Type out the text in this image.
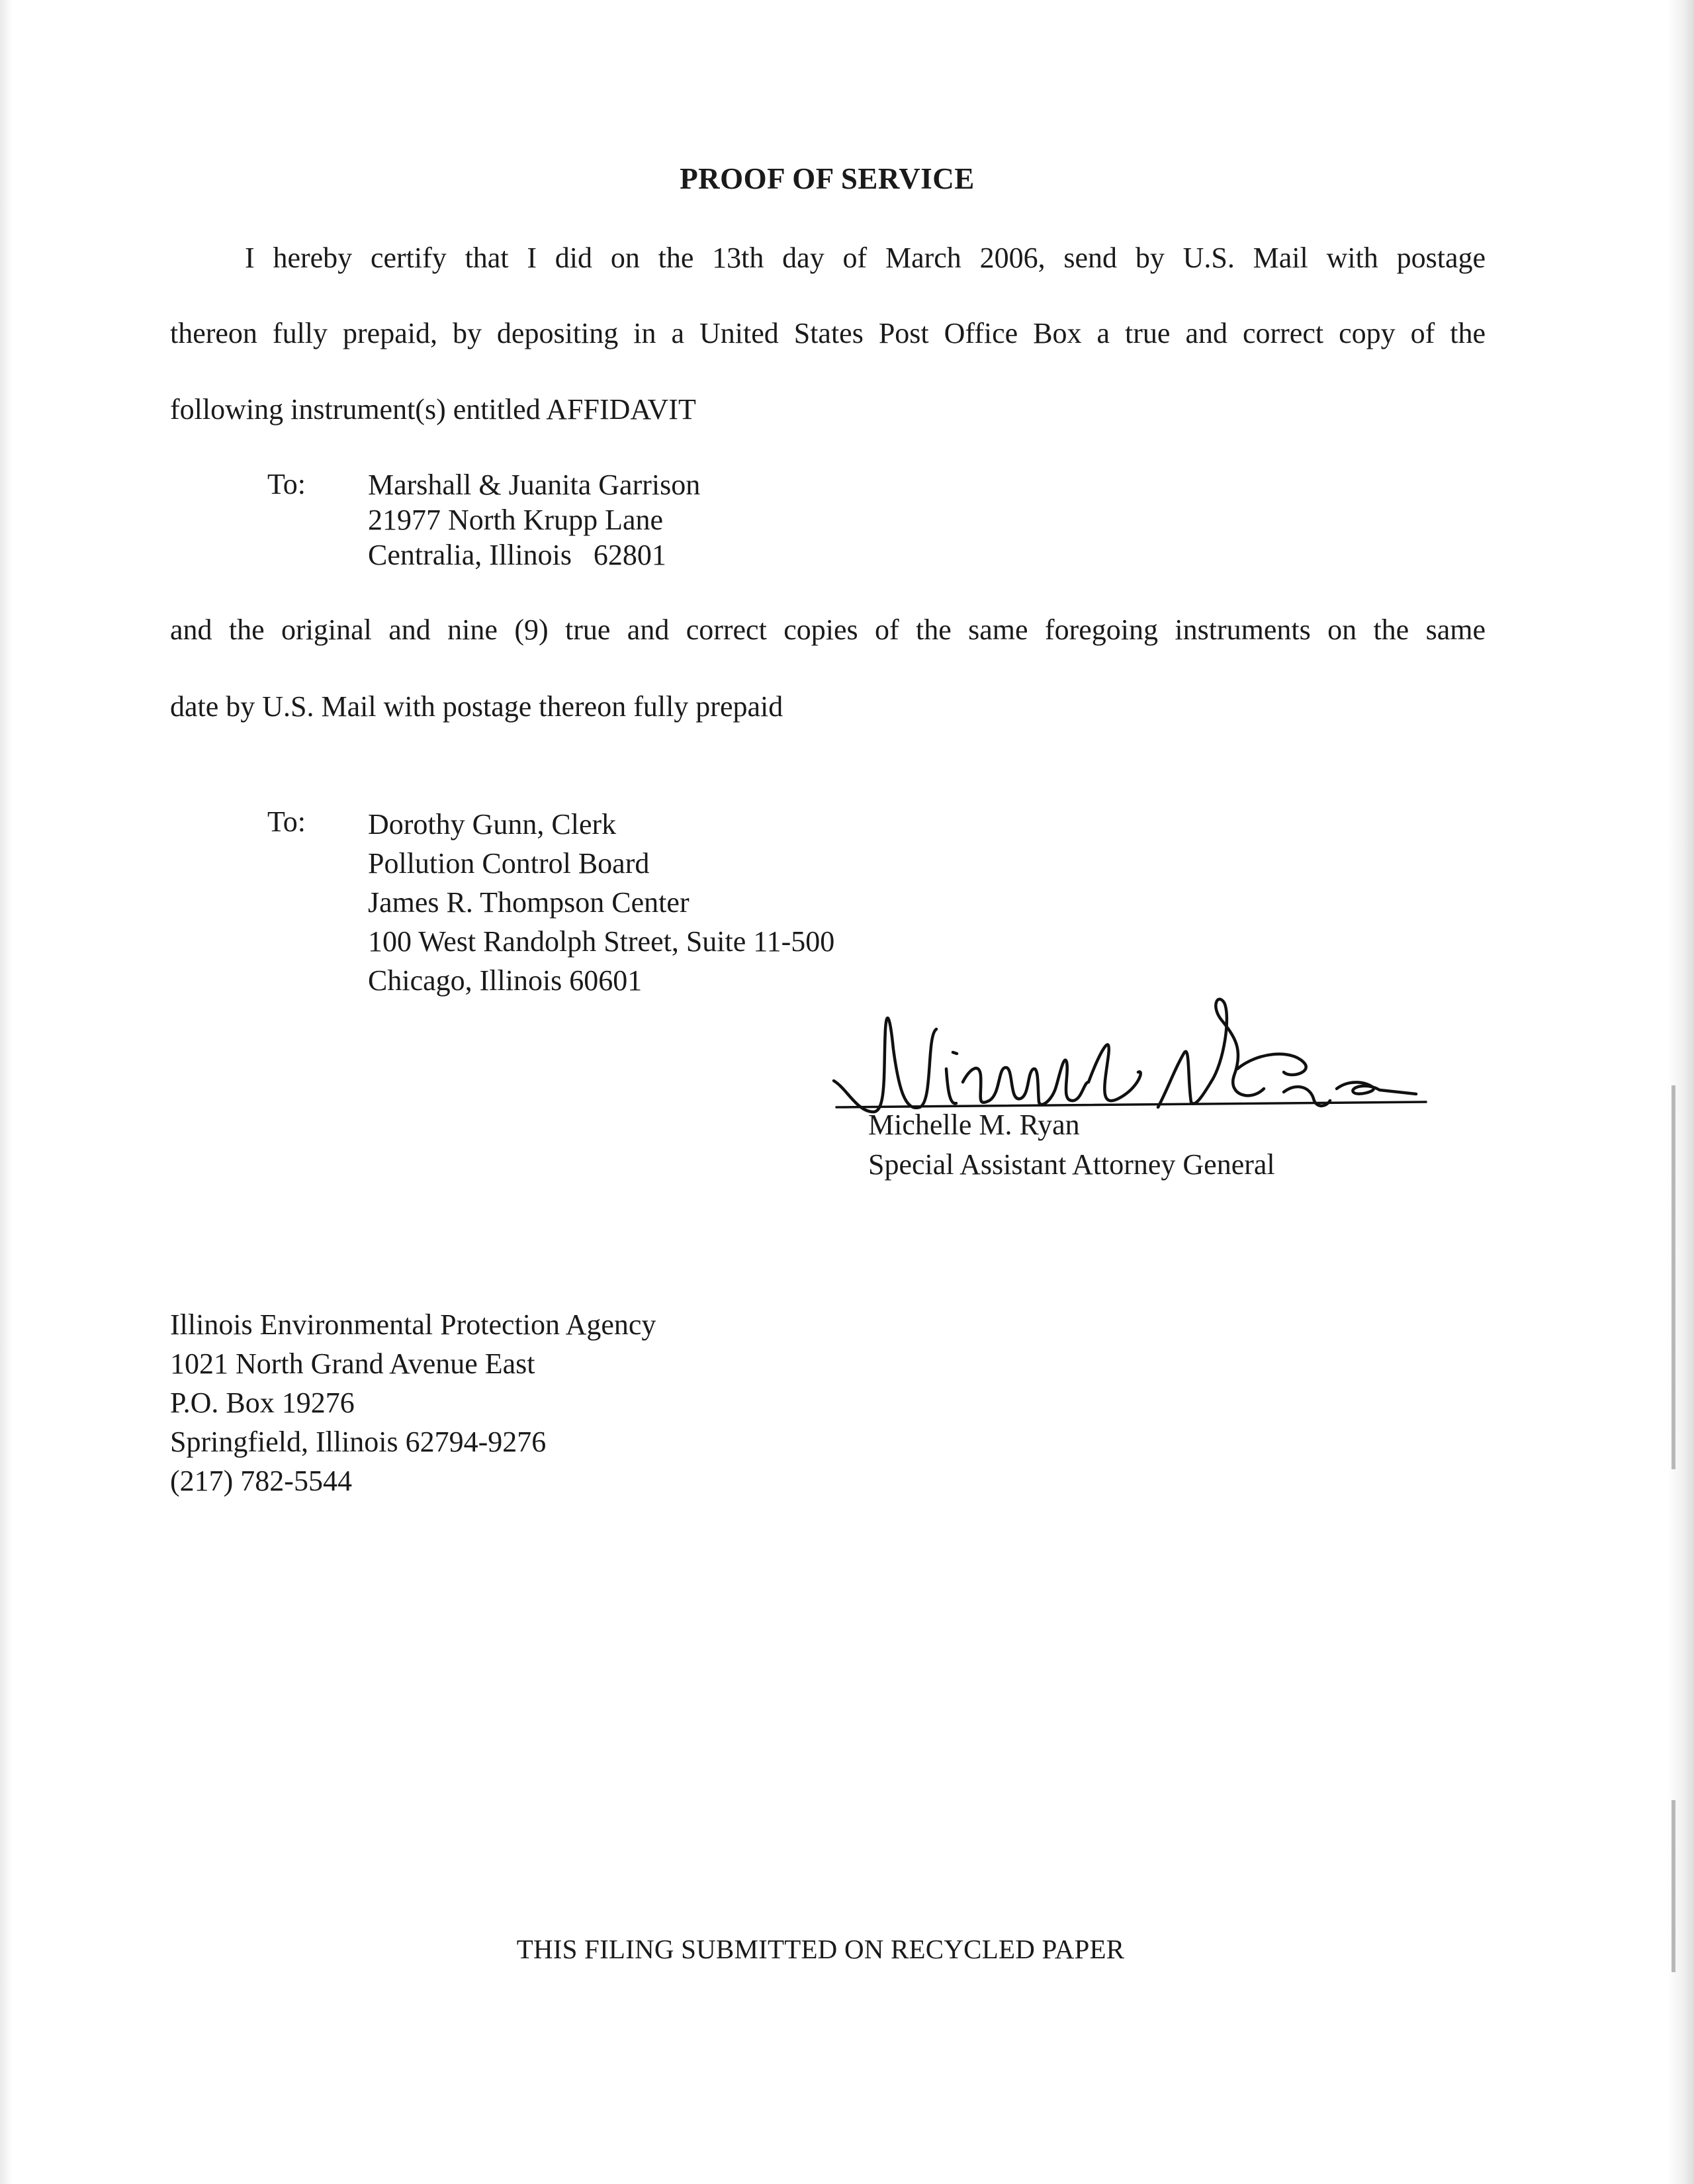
PROOF OF SERVICE
I hereby certify that I did on the 13th day of March 2006, send by U.S. Mail with postage
thereon fully prepaid, by depositing in a United States Post Office Box a true and correct copy of the
following instrument(s) entitled AFFIDAVIT
To: Marshall & Juanita Garrison
21977 North Krupp Lane
Centralia, Illinois   62801
and the original and nine (9) true and correct copies of the same foregoing instruments on the same
date by U.S. Mail with postage thereon fully prepaid
To: Dorothy Gunn, Clerk
Pollution Control Board
James R. Thompson Center
100 West Randolph Street, Suite 11-500
Chicago, Illinois 60601
Michelle M. Ryan
Special Assistant Attorney General
Illinois Environmental Protection Agency
1021 North Grand Avenue East
P.O. Box 19276
Springfield, Illinois 62794-9276
(217) 782-5544
THIS FILING SUBMITTED ON RECYCLED PAPER
